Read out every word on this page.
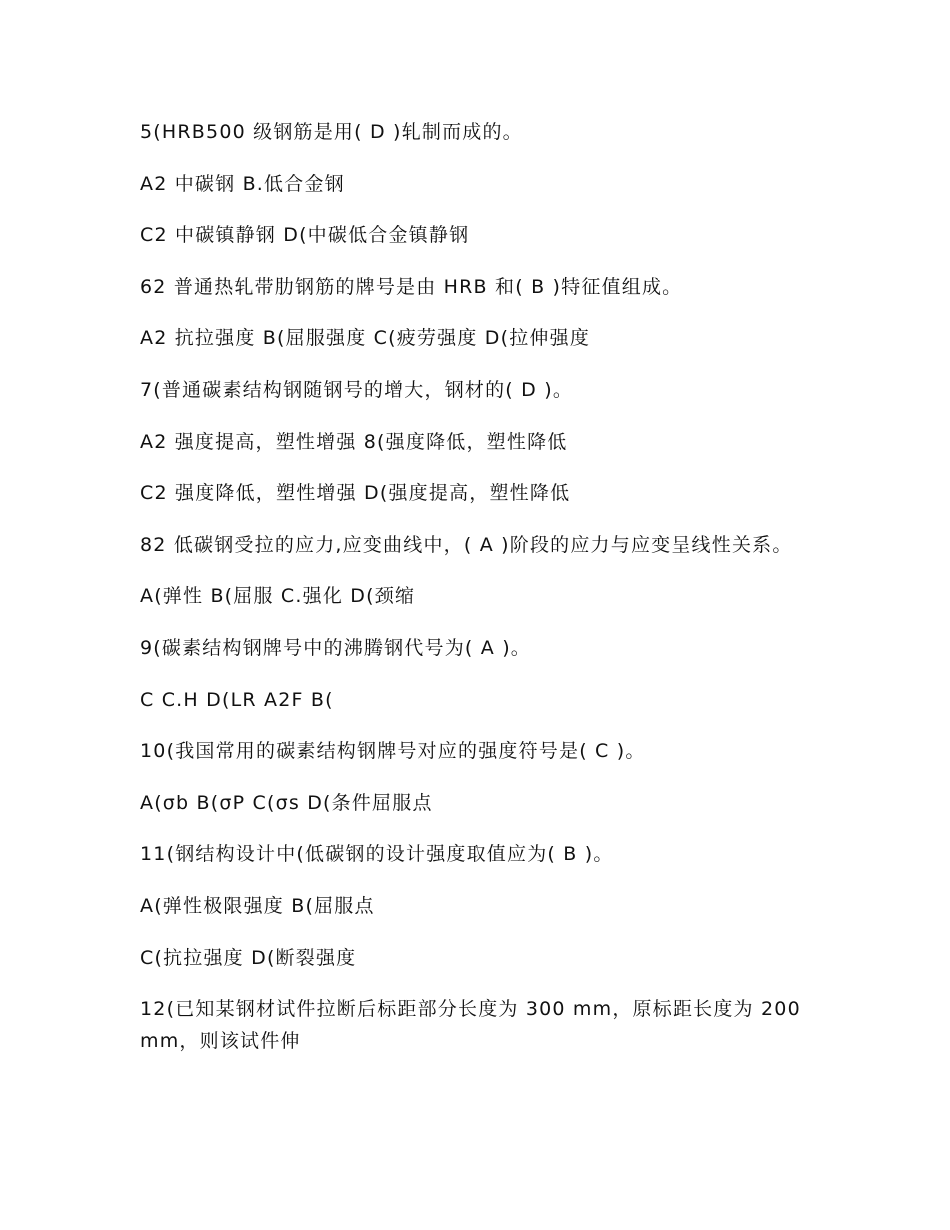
5(HRB500 级钢筋是用( D )轧制而成的。

A2 中碳钢 B.低合金钢

C2 中碳镇静钢 D(中碳低合金镇静钢

62 普通热轧带肋钢筋的牌号是由 HRB 和( B )特征值组成。

A2 抗拉强度 B(屈服强度 C(疲劳强度 D(拉伸强度

7(普通碳素结构钢随钢号的增大，钢材的( D )。

A2 强度提高，塑性增强 8(强度降低，塑性降低

C2 强度降低，塑性增强 D(强度提高，塑性降低

82 低碳钢受拉的应力,应变曲线中，( A )阶段的应力与应变呈线性关系。

A(弹性 B(屈服 C.强化 D(颈缩

9(碳素结构钢牌号中的沸腾钢代号为( A )。

C C.H D(LR A2F B(

10(我国常用的碳素结构钢牌号对应的强度符号是( C )。

A(σb B(σP C(σs D(条件屈服点

11(钢结构设计中(低碳钢的设计强度取值应为( B )。

A(弹性极限强度 B(屈服点

C(抗拉强度 D(断裂强度

12(已知某钢材试件拉断后标距部分长度为 300 mm，原标距长度为 200 mm，则该试件伸
